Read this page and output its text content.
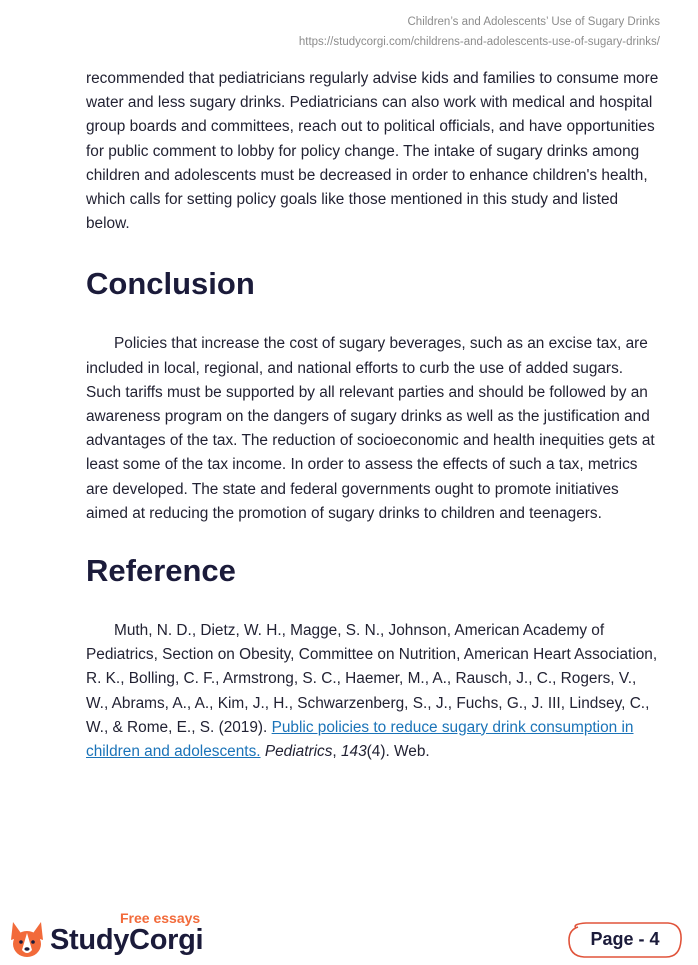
Children’s and Adolescents’ Use of Sugary Drinks
https://studycorgi.com/childrens-and-adolescents-use-of-sugary-drinks/

recommended that pediatricians regularly advise kids and families to consume more water and less sugary drinks. Pediatricians can also work with medical and hospital group boards and committees, reach out to political officials, and have opportunities for public comment to lobby for policy change. The intake of sugary drinks among children and adolescents must be decreased in order to enhance children's health, which calls for setting policy goals like those mentioned in this study and listed below.

Conclusion

Policies that increase the cost of sugary beverages, such as an excise tax, are included in local, regional, and national efforts to curb the use of added sugars. Such tariffs must be supported by all relevant parties and should be followed by an awareness program on the dangers of sugary drinks as well as the justification and advantages of the tax. The reduction of socioeconomic and health inequities gets at least some of the tax income. In order to assess the effects of such a tax, metrics are developed. The state and federal governments ought to promote initiatives aimed at reducing the promotion of sugary drinks to children and teenagers.

Reference

Muth, N. D., Dietz, W. H., Magge, S. N., Johnson, American Academy of Pediatrics, Section on Obesity, Committee on Nutrition, American Heart Association, R. K., Bolling, C. F., Armstrong, S. C., Haemer, M., A., Rausch, J., C., Rogers, V., W., Abrams, A., A., Kim, J., H., Schwarzenberg, S., J., Fuchs, G., J. III, Lindsey, C., W., & Rome, E., S. (2019). Public policies to reduce sugary drink consumption in children and adolescents. Pediatrics, 143(4). Web.

Free essays
StudyCorgi	Page - 4
